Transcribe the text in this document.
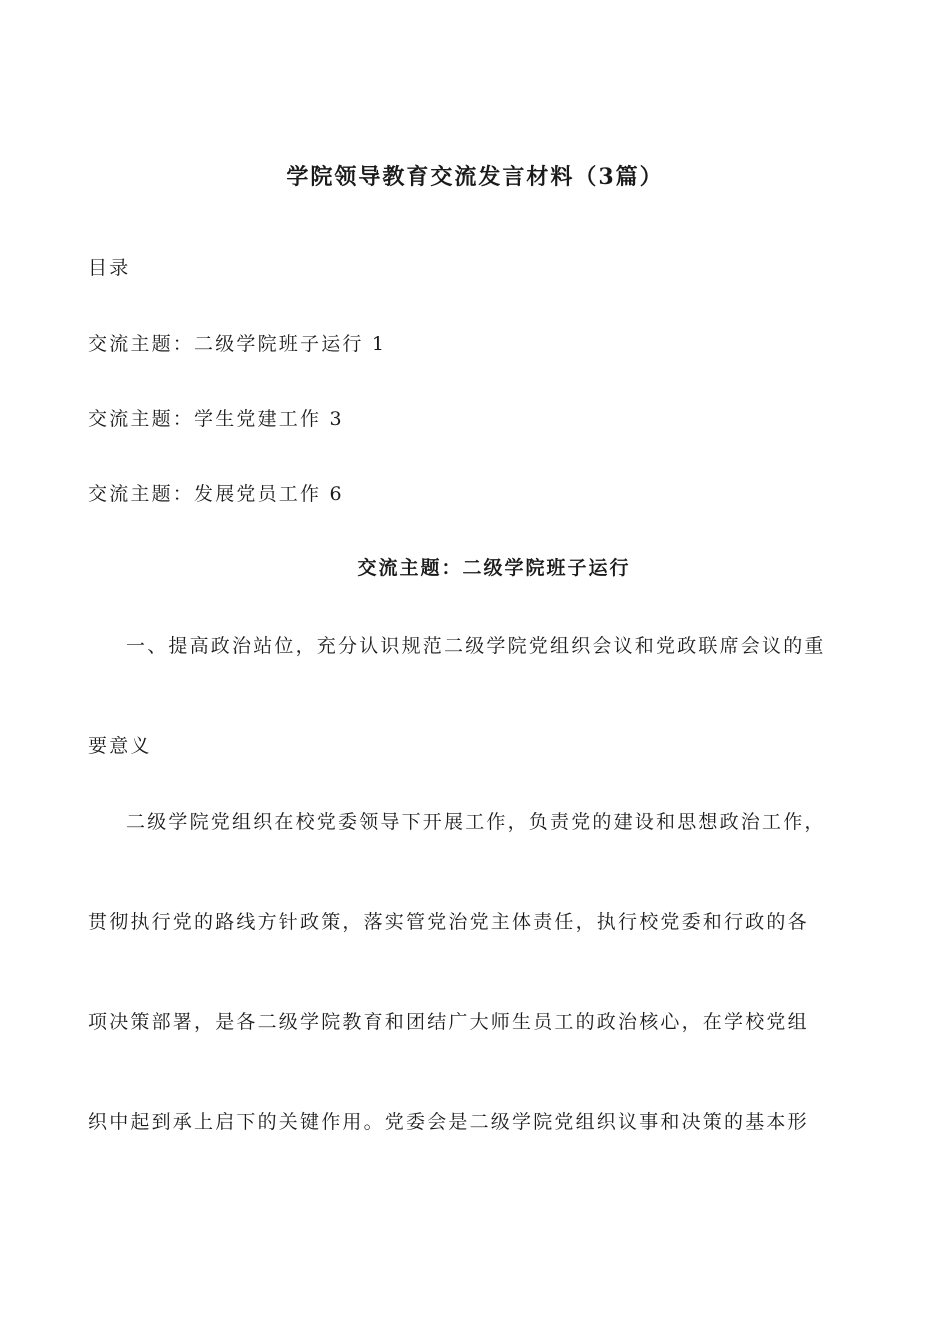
学院领导教育交流发言材料（3篇）
目录
交流主题：二级学院班子运行 1
交流主题：学生党建工作 3
交流主题：发展党员工作 6
交流主题：二级学院班子运行
一、提高政治站位，充分认识规范二级学院党组织会议和党政联席会议的重
要意义
二级学院党组织在校党委领导下开展工作，负责党的建设和思想政治工作，
贯彻执行党的路线方针政策，落实管党治党主体责任，执行校党委和行政的各
项决策部署，是各二级学院教育和团结广大师生员工的政治核心，在学校党组
织中起到承上启下的关键作用。党委会是二级学院党组织议事和决策的基本形
